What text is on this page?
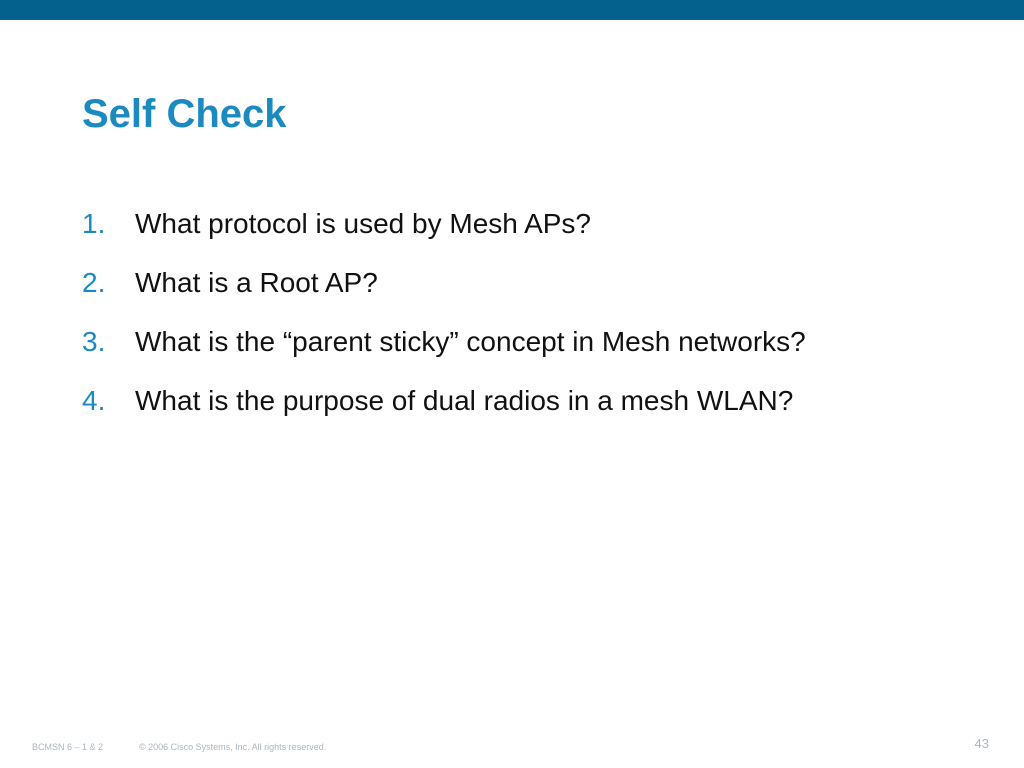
Self Check
1. What protocol is used by Mesh APs?
2. What is a Root AP?
3. What is the “parent sticky” concept in Mesh networks?
4. What is the purpose of dual radios in a mesh WLAN?
BCMSN 6 – 1 & 2	© 2006 Cisco Systems, Inc. All rights reserved.	43
